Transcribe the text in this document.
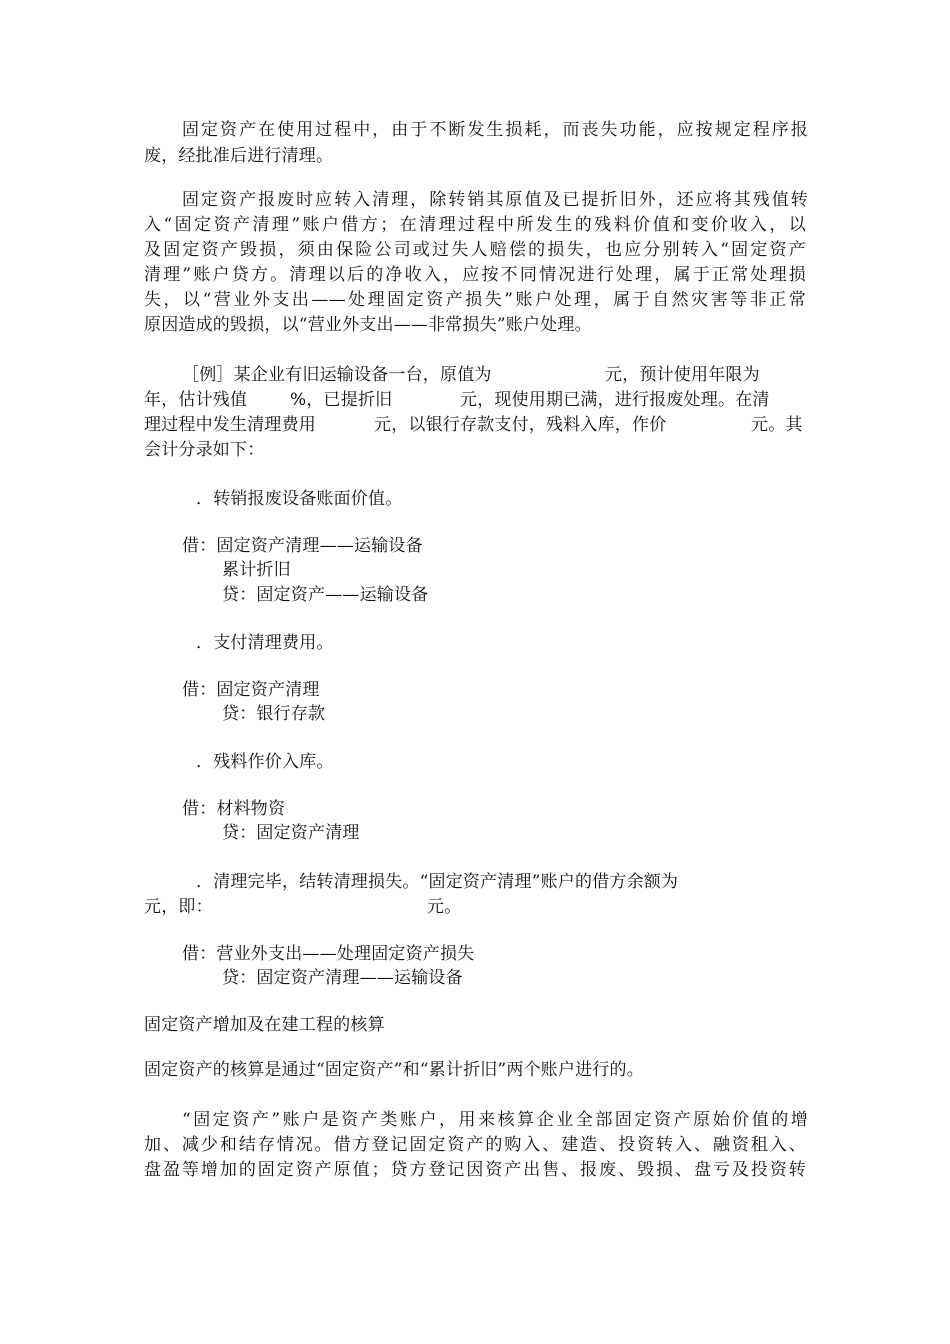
固定资产在使用过程中，由于不断发生损耗，而丧失功能，应按规定程序报
废，经批准后进行清理。
固定资产报废时应转入清理，除转销其原值及已提折旧外，还应将其残值转
入“固定资产清理”账户借方；在清理过程中所发生的残料价值和变价收入，以
及固定资产毁损，须由保险公司或过失人赔偿的损失，也应分别转入“固定资产
清理”账户贷方。清理以后的净收入，应按不同情况进行处理，属于正常处理损
失，以“营业外支出——处理固定资产损失”账户处理，属于自然灾害等非正常
原因造成的毁损，以“营业外支出——非常损失”账户处理。
［例］某企业有旧运输设备一台，原值为	元，预计使用年限为
年，估计残值	%，已提折旧	元，现使用期已满，进行报废处理。在清
理过程中发生清理费用	元，以银行存款支付，残料入库，作价	元。其
会计分录如下：
．转销报废设备账面价值。
借：固定资产清理——运输设备
累计折旧
贷：固定资产——运输设备
．支付清理费用。
借：固定资产清理
贷：银行存款
．残料作价入库。
借：材料物资
贷：固定资产清理
．清理完毕，结转清理损失。“固定资产清理”账户的借方余额为
元，即：	元。
借：营业外支出——处理固定资产损失
贷：固定资产清理——运输设备
固定资产增加及在建工程的核算
固定资产的核算是通过“固定资产”和“累计折旧”两个账户进行的。
“固定资产”账户是资产类账户，用来核算企业全部固定资产原始价值的增
加、减少和结存情况。借方登记固定资产的购入、建造、投资转入、融资租入、
盘盈等增加的固定资产原值；贷方登记因资产出售、报废、毁损、盘亏及投资转
